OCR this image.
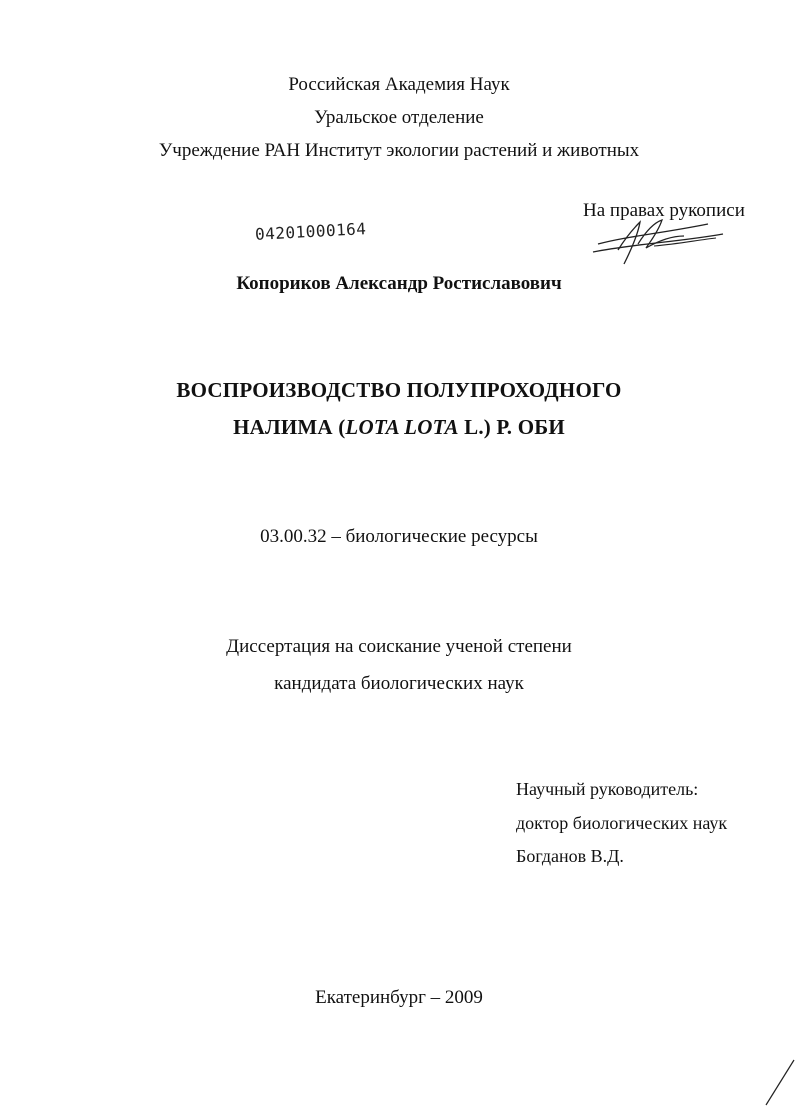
Российская Академия Наук
Уральское отделение
Учреждение РАН Институт экологии растений и животных
На правах рукописи
04201000164
Копориков Александр Ростиславович
ВОСПРОИЗВОДСТВО ПОЛУПРОХОДНОГО
НАЛИМА (LOTA LOTA L.) Р. ОБИ
03.00.32 – биологические ресурсы
Диссертация на соискание ученой степени
кандидата биологических наук
Научный руководитель:
доктор биологических наук
Богданов В.Д.
Екатеринбург – 2009
